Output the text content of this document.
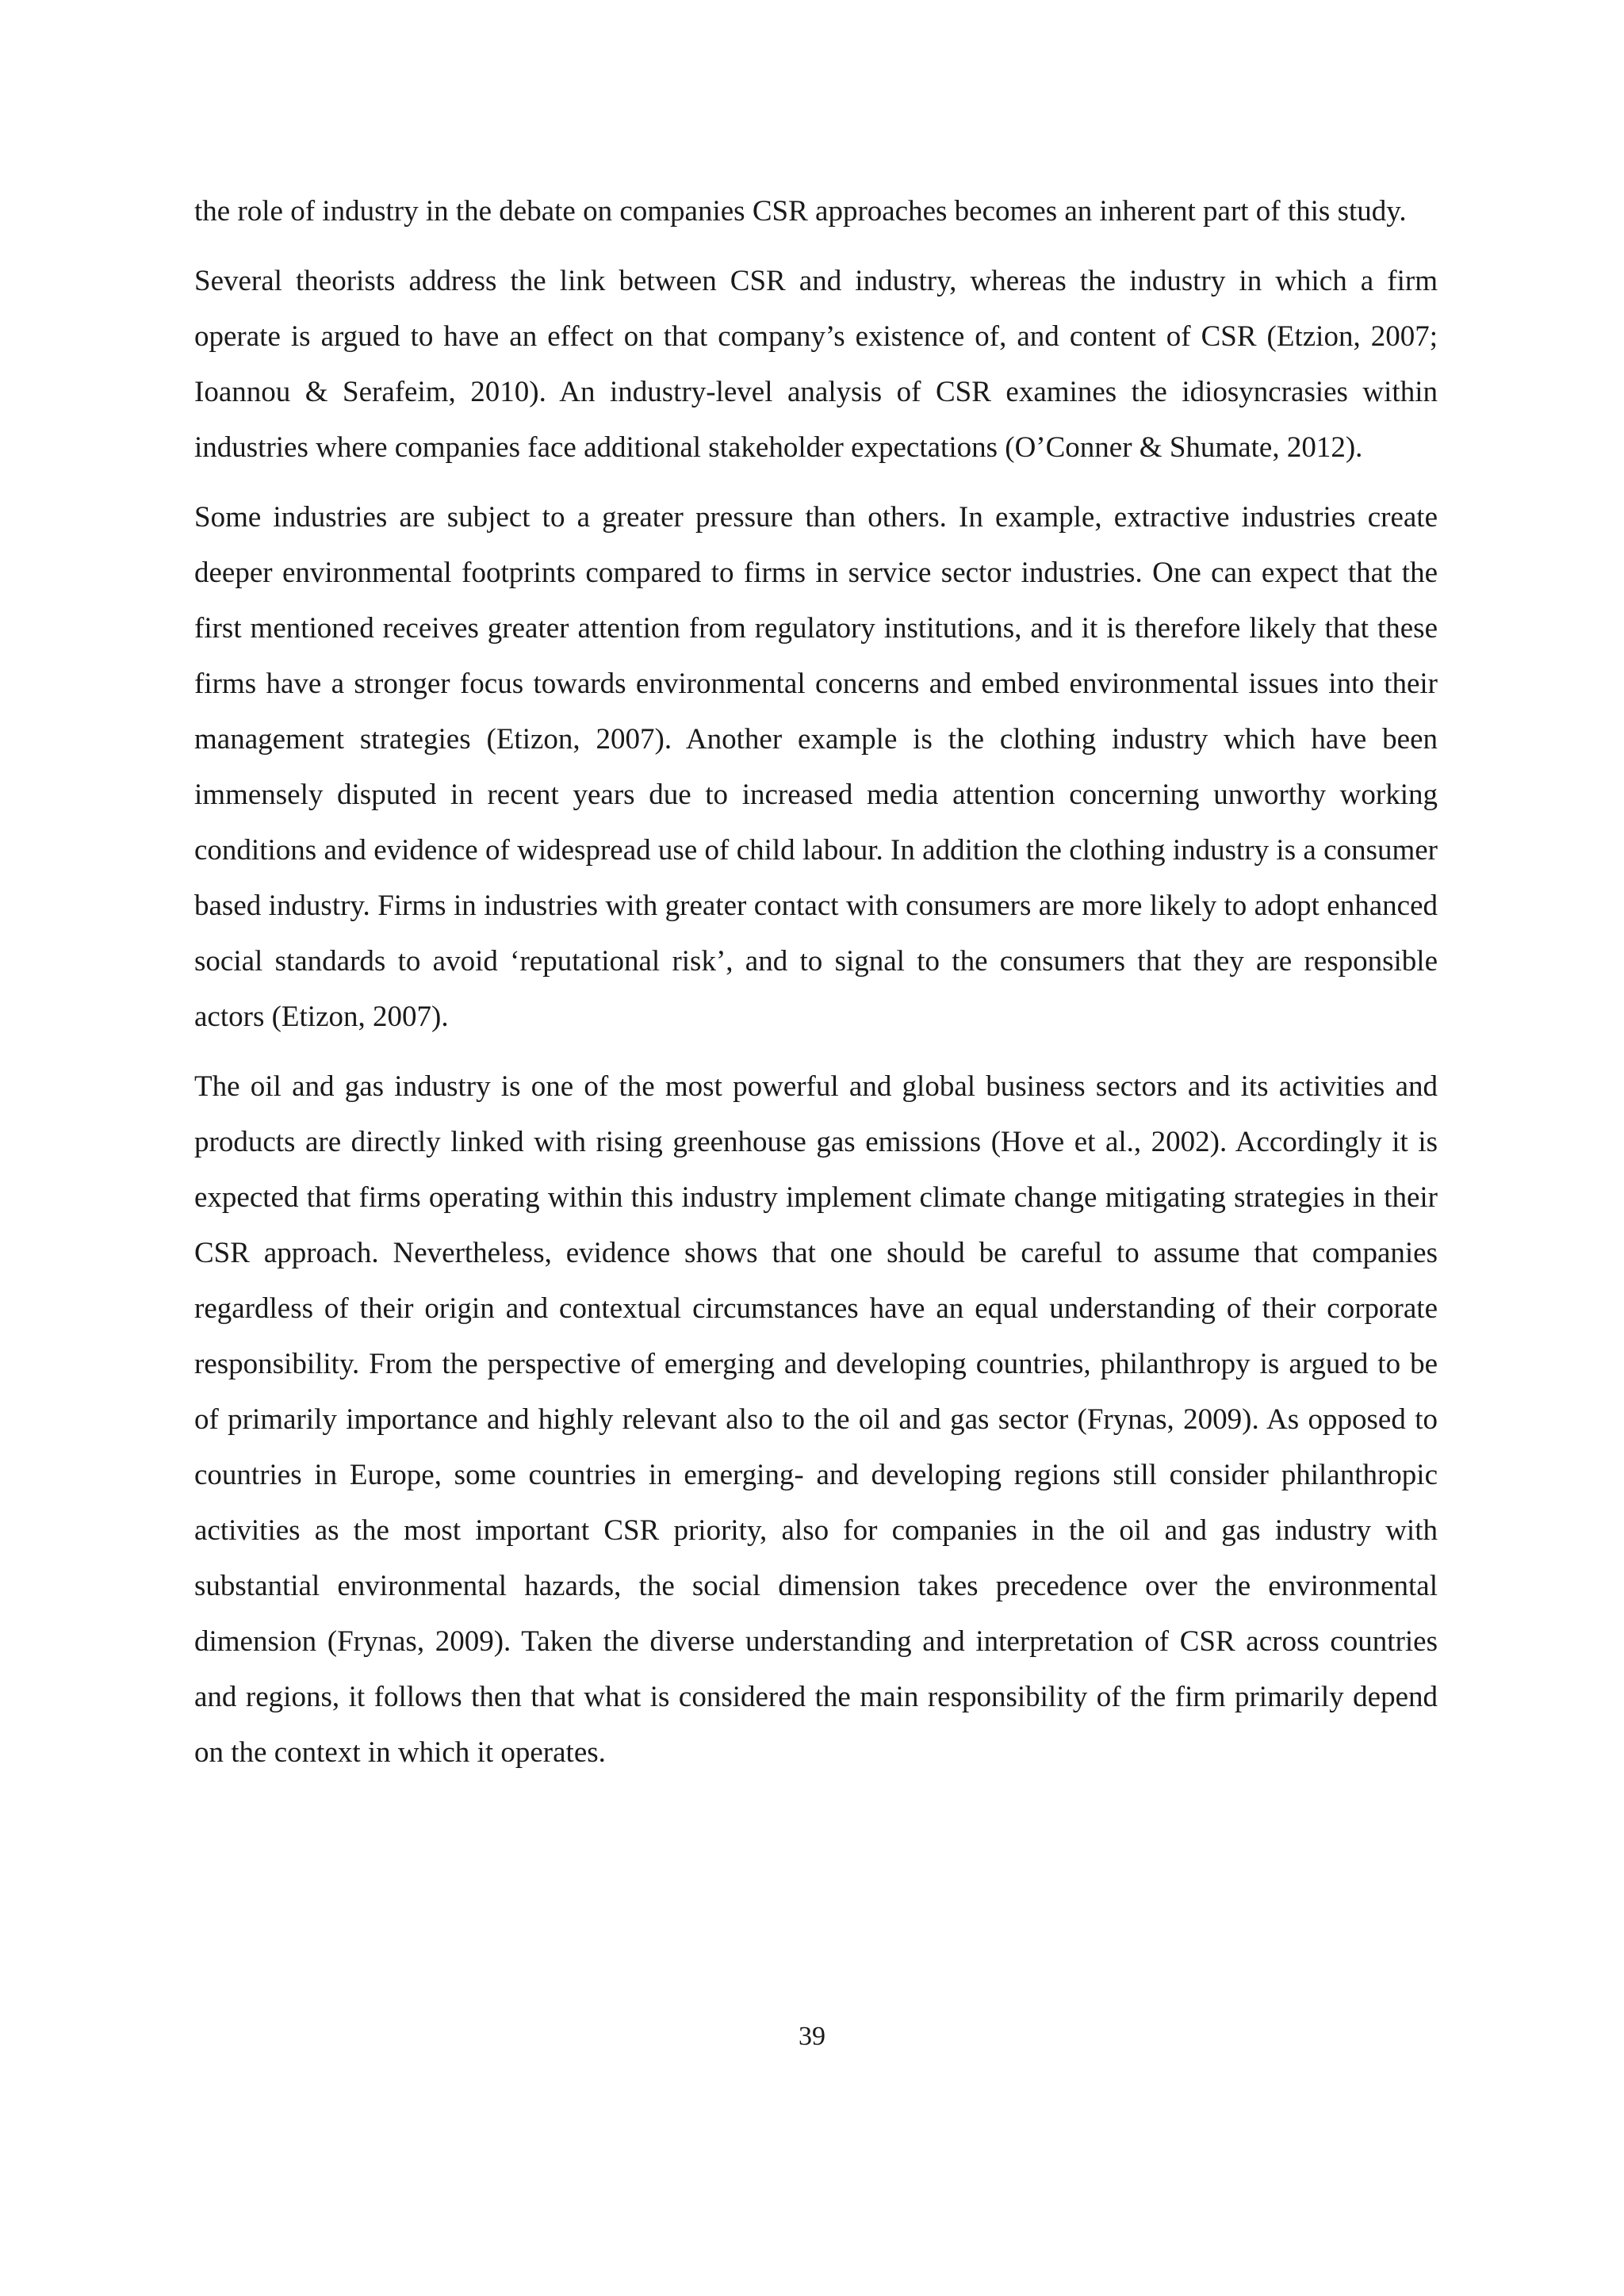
the role of industry in the debate on companies CSR approaches becomes an inherent part of this study.

Several theorists address the link between CSR and industry, whereas the industry in which a firm operate is argued to have an effect on that company’s existence of, and content of CSR (Etzion, 2007; Ioannou & Serafeim, 2010). An industry-level analysis of CSR examines the idiosyncrasies within industries where companies face additional stakeholder expectations (O’Conner & Shumate, 2012).

Some industries are subject to a greater pressure than others. In example, extractive industries create deeper environmental footprints compared to firms in service sector industries. One can expect that the first mentioned receives greater attention from regulatory institutions, and it is therefore likely that these firms have a stronger focus towards environmental concerns and embed environmental issues into their management strategies (Etizon, 2007). Another example is the clothing industry which have been immensely disputed in recent years due to increased media attention concerning unworthy working conditions and evidence of widespread use of child labour. In addition the clothing industry is a consumer based industry. Firms in industries with greater contact with consumers are more likely to adopt enhanced social standards to avoid ‘reputational risk’, and to signal to the consumers that they are responsible actors (Etizon, 2007).

The oil and gas industry is one of the most powerful and global business sectors and its activities and products are directly linked with rising greenhouse gas emissions (Hove et al., 2002). Accordingly it is expected that firms operating within this industry implement climate change mitigating strategies in their CSR approach. Nevertheless, evidence shows that one should be careful to assume that companies regardless of their origin and contextual circumstances have an equal understanding of their corporate responsibility. From the perspective of emerging and developing countries, philanthropy is argued to be of primarily importance and highly relevant also to the oil and gas sector (Frynas, 2009). As opposed to countries in Europe, some countries in emerging- and developing regions still consider philanthropic activities as the most important CSR priority, also for companies in the oil and gas industry with substantial environmental hazards, the social dimension takes precedence over the environmental dimension (Frynas, 2009). Taken the diverse understanding and interpretation of CSR across countries and regions, it follows then that what is considered the main responsibility of the firm primarily depend on the context in which it operates.

39
